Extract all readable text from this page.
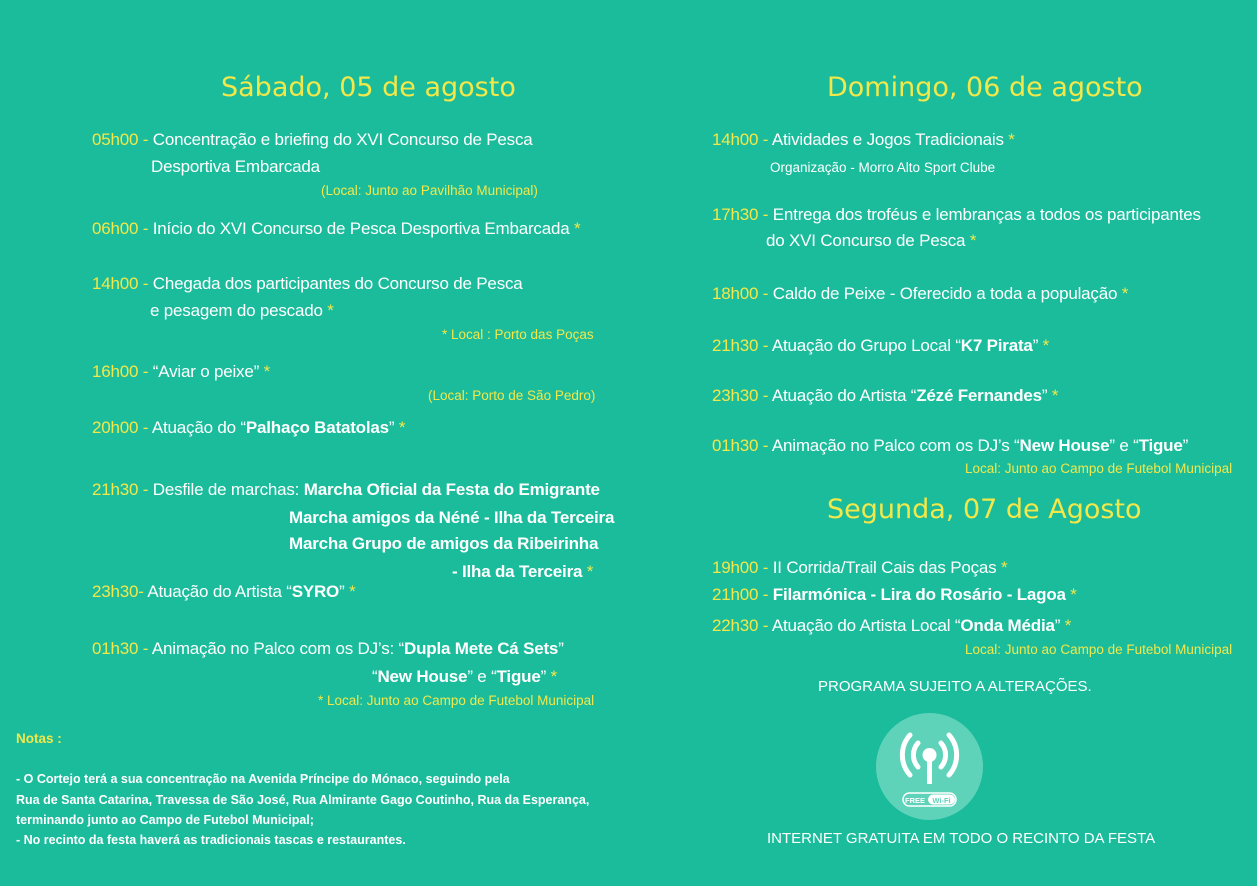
Sábado, 05 de agosto
05h00 - Concentração e briefing do XVI Concurso de Pesca
Desportiva Embarcada
(Local: Junto ao Pavilhão Municipal)
06h00 - Início do XVI Concurso de Pesca Desportiva Embarcada *
14h00 - Chegada dos participantes do Concurso de Pesca
e pesagem do pescado *
* Local : Porto das Poças
16h00 - “Aviar o peixe” *
(Local: Porto de São Pedro)
20h00 - Atuação do “Palhaço Batatolas” *
21h30 - Desfile de marchas: Marcha Oficial da Festa do Emigrante
Marcha amigos da Néné - Ilha da Terceira
Marcha Grupo de amigos da Ribeirinha
- Ilha da Terceira *
23h30- Atuação do Artista “SYRO” *
01h30 - Animação no Palco com os DJ’s: “Dupla Mete Cá Sets”
“New House” e “Tigue” *
* Local: Junto ao Campo de Futebol Municipal
Notas :
- O Cortejo terá a sua concentração na Avenida Príncipe do Mónaco, seguindo pela
Rua de Santa Catarina, Travessa de São José, Rua Almirante Gago Coutinho, Rua da Esperança,
terminando junto ao Campo de Futebol Municipal;
- No recinto da festa haverá as tradicionais tascas e restaurantes.
Domingo, 06 de agosto
14h00 - Atividades e Jogos Tradicionais *
Organização - Morro Alto Sport Clube
17h30 - Entrega dos troféus e lembranças a todos os participantes
do XVI Concurso de Pesca *
18h00 - Caldo de Peixe - Oferecido a toda a população *
21h30 - Atuação do Grupo Local “K7 Pirata” *
23h30 - Atuação do Artista “Zézé Fernandes” *
01h30 - Animação no Palco com os DJ’s “New House” e “Tigue”
Local: Junto ao Campo de Futebol Municipal
Segunda, 07 de Agosto
19h00 - II Corrida/Trail Cais das Poças *
21h00 - Filarmónica - Lira do Rosário - Lagoa *
22h30 - Atuação do Artista Local “Onda Média” *
Local: Junto ao Campo de Futebol Municipal
PROGRAMA SUJEITO A ALTERAÇÕES.
FREE Wi-Fi
INTERNET GRATUITA EM TODO O RECINTO DA FESTA
